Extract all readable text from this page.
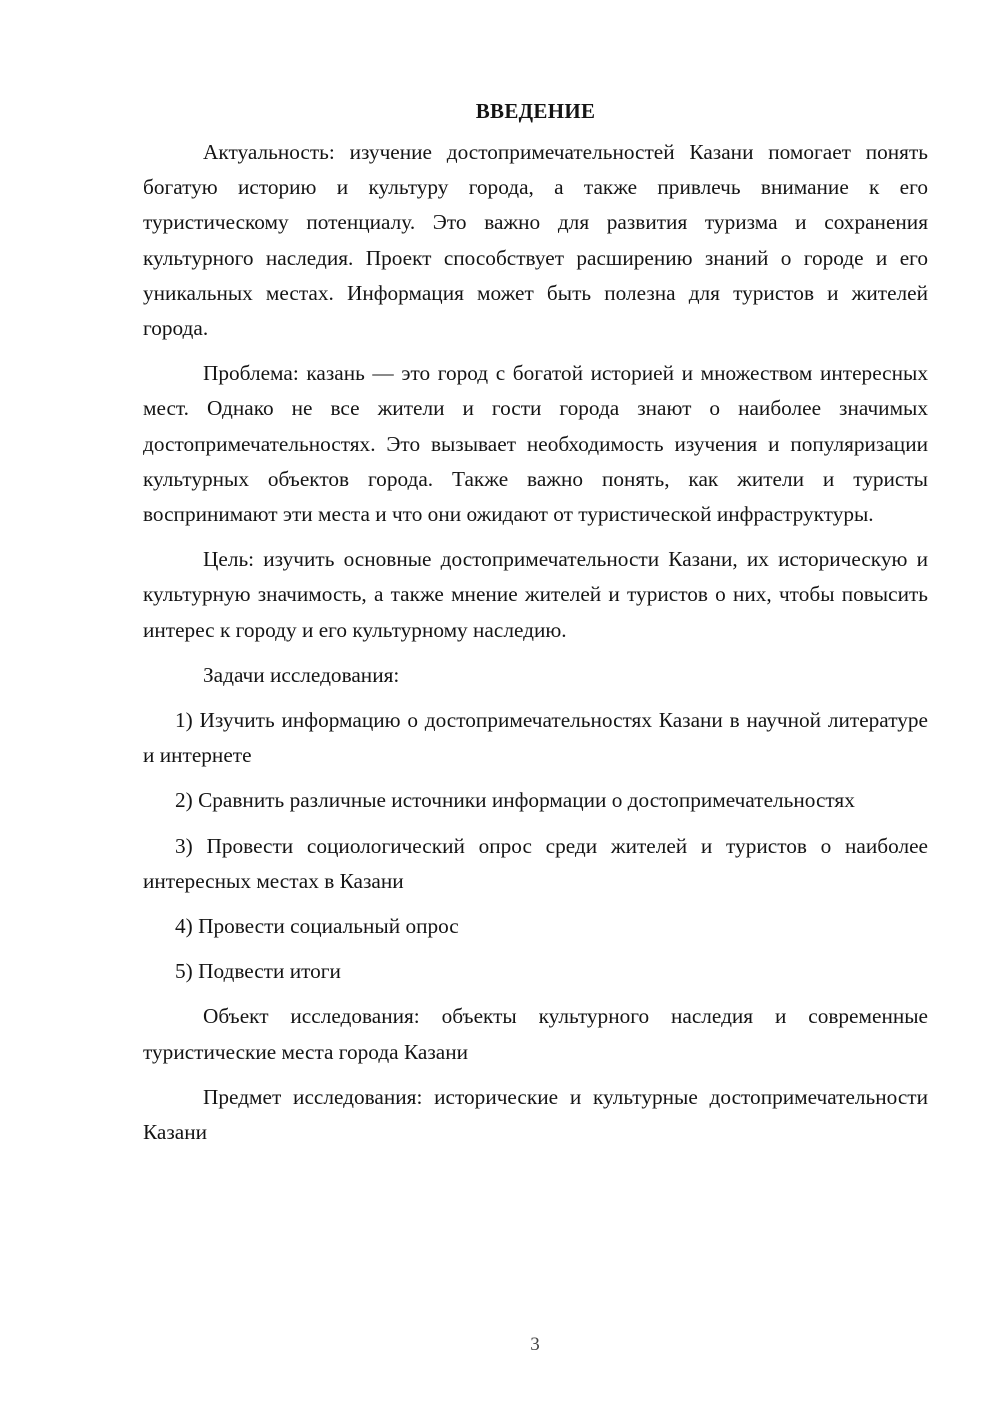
ВВЕДЕНИЕ

Актуальность: изучение достопримечательностей Казани помогает понять богатую историю и культуру города, а также привлечь внимание к его туристическому потенциалу. Это важно для развития туризма и сохранения культурного наследия. Проект способствует расширению знаний о городе и его уникальных местах. Информация может быть полезна для туристов и жителей города.

Проблема: казань — это город с богатой историей и множеством интересных мест. Однако не все жители и гости города знают о наиболее значимых достопримечательностях. Это вызывает необходимость изучения и популяризации культурных объектов города. Также важно понять, как жители и туристы воспринимают эти места и что они ожидают от туристической инфраструктуры.

Цель: изучить основные достопримечательности Казани, их историческую и культурную значимость, а также мнение жителей и туристов о них, чтобы повысить интерес к городу и его культурному наследию.

Задачи исследования:

1) Изучить информацию о достопримечательностях Казани в научной литературе и интернете

2) Сравнить различные источники информации о достопримечательностях

3) Провести социологический опрос среди жителей и туристов о наиболее интересных местах в Казани

4) Провести социальный опрос

5) Подвести итоги

Объект исследования: объекты культурного наследия и современные туристические места города Казани

Предмет исследования: исторические и культурные достопримечательности Казани

3
